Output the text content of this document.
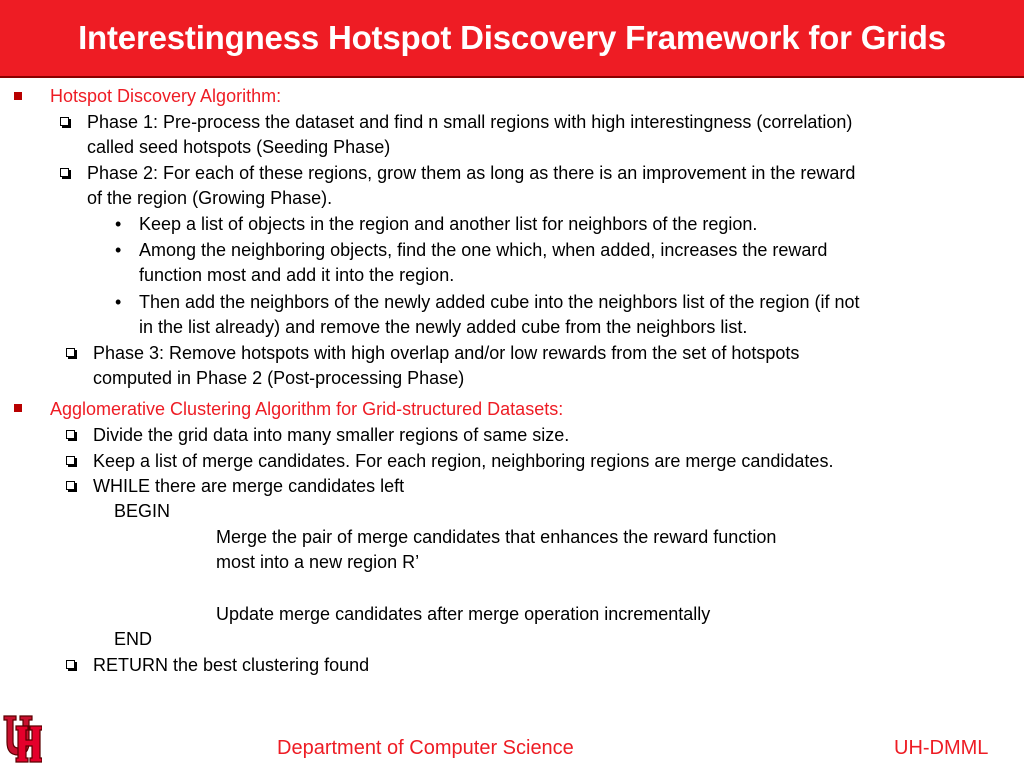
Interestingness Hotspot Discovery Framework for Grids
Hotspot Discovery Algorithm:
Phase 1: Pre-process the dataset and find n small regions with high interestingness (correlation)
called seed hotspots (Seeding Phase)
Phase 2: For each of these regions, grow them as long as there is an improvement in the reward
of the region (Growing Phase).
• Keep a list of objects in the region and another list for neighbors of the region.
• Among the neighboring objects, find the one which, when added, increases the reward
function most and add it into the region.
• Then add the neighbors of the newly added cube into the neighbors list of the region (if not
in the list already) and remove the newly added cube from the neighbors list.
Phase 3: Remove hotspots with high overlap and/or low rewards from the set of hotspots
computed in Phase 2 (Post-processing Phase)
Agglomerative Clustering Algorithm for Grid-structured Datasets:
Divide the grid data into many smaller regions of same size.
Keep a list of merge candidates. For each region, neighboring regions are merge candidates.
WHILE there are merge candidates left
BEGIN
Merge the pair of merge candidates that enhances the reward function
most into a new region R’
Update merge candidates after merge operation incrementally
END
RETURN the best clustering found
Department of Computer Science	UH-DMML
